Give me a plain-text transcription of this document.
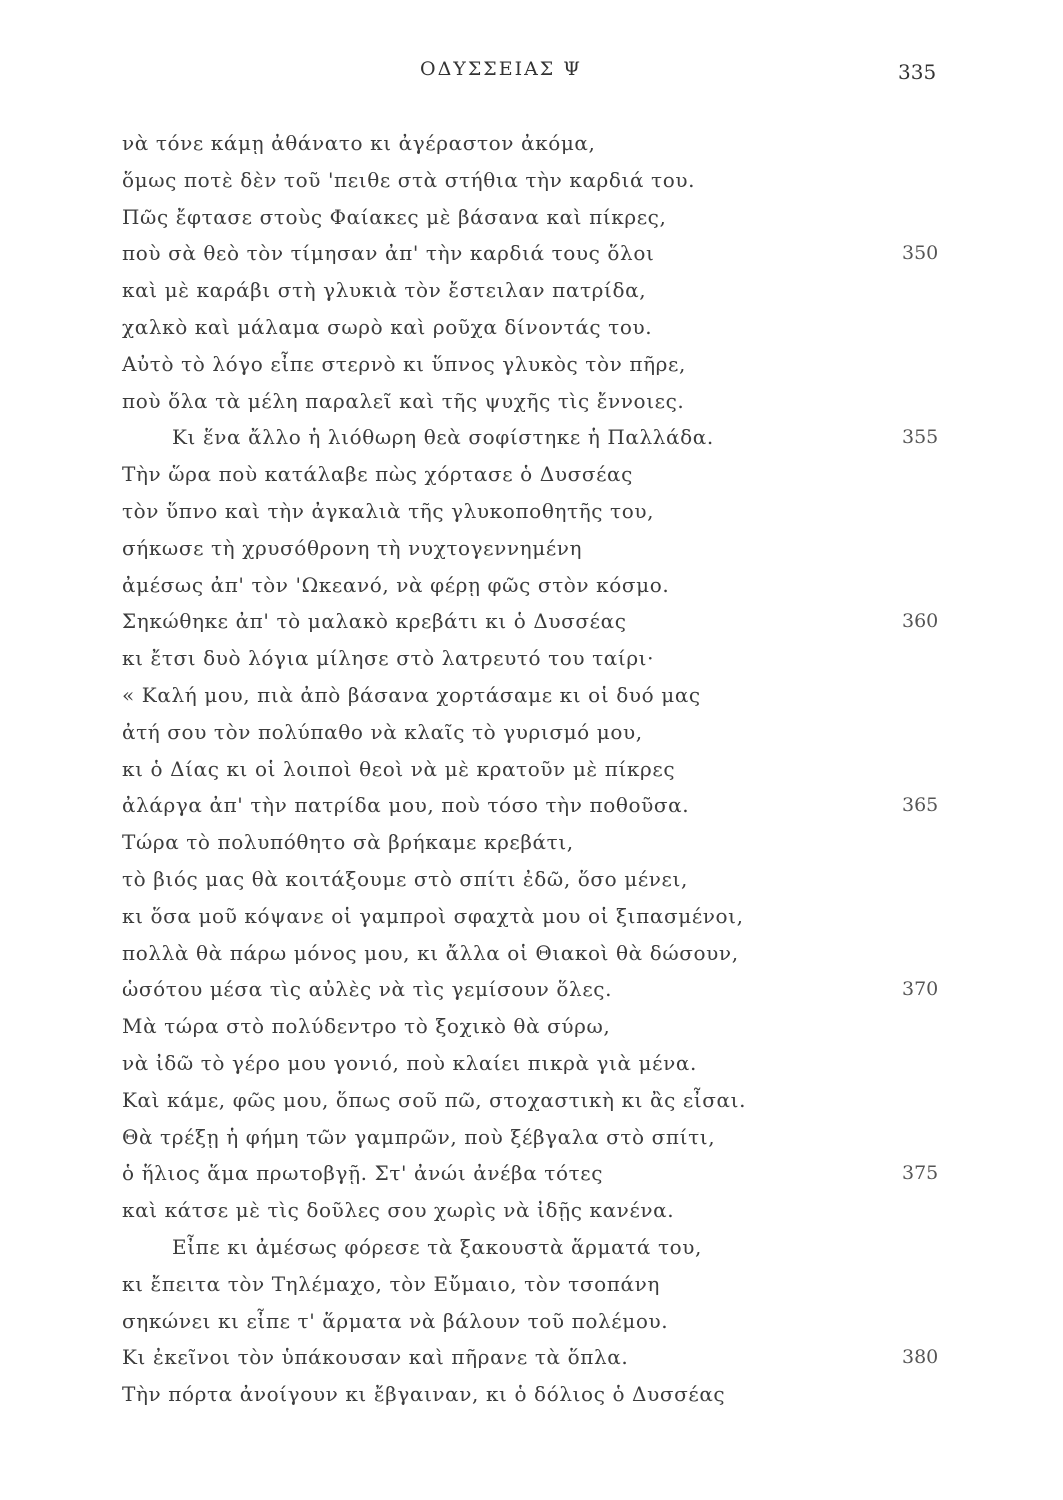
ΟΔΥΣΣΕΙΑΣ Ψ	335
νὰ τόνε κάμῃ ἀθάνατο κι ἀγέραστον ἀκόμα,
ὅμως ποτὲ δὲν τοῦ 'πειθε στὰ στήθια τὴν καρδιά του.
Πῶς ἔφτασε στοὺς Φαίακες μὲ βάσανα καὶ πίκρες,
ποὺ σὰ θεὸ τὸν τίμησαν ἀπ' τὴν καρδιά τους ὅλοι	350
καὶ μὲ καράβι στὴ γλυκιὰ τὸν ἔστειλαν πατρίδα,
χαλκὸ καὶ μάλαμα σωρὸ καὶ ροῦχα δίνοντάς του.
Αὐτὸ τὸ λόγο εἶπε στερνὸ κι ὕπνος γλυκὸς τὸν πῆρε,
ποὺ ὅλα τὰ μέλη παραλεῖ καὶ τῆς ψυχῆς τὶς ἔννοιες.
Κι ἕνα ἄλλο ἡ λιόθωρη θεὰ σοφίστηκε ἡ Παλλάδα.	355
Τὴν ὥρα ποὺ κατάλαβε πὼς χόρτασε ὁ Δυσσέας
τὸν ὕπνο καὶ τὴν ἀγκαλιὰ τῆς γλυκοποθητῆς του,
σήκωσε τὴ χρυσόθρονη τὴ νυχτογεννημένη
ἀμέσως ἀπ' τὸν 'Ωκεανό, νὰ φέρῃ φῶς στὸν κόσμο.
Σηκώθηκε ἀπ' τὸ μαλακὸ κρεβάτι κι ὁ Δυσσέας	360
κι ἔτσι δυὸ λόγια μίλησε στὸ λατρευτό του ταίρι·
« Καλή μου, πιὰ ἀπὸ βάσανα χορτάσαμε κι οἱ δυό μας
ἀτή σου τὸν πολύπαθο νὰ κλαῖς τὸ γυρισμό μου,
κι ὁ Δίας κι οἱ λοιποὶ θεοὶ νὰ μὲ κρατοῦν μὲ πίκρες
ἀλάργα ἀπ' τὴν πατρίδα μου, ποὺ τόσο τὴν ποθοῦσα.	365
Τώρα τὸ πολυπόθητο σὰ βρήκαμε κρεβάτι,
τὸ βιός μας θὰ κοιτάξουμε στὸ σπίτι ἐδῶ, ὅσο μένει,
κι ὅσα μοῦ κόψανε οἱ γαμπροὶ σφαχτὰ μου οἱ ξιπασμένοι,
πολλὰ θὰ πάρω μόνος μου, κι ἄλλα οἱ Θιακοὶ θὰ δώσουν,
ὡσότου μέσα τὶς αὐλὲς νὰ τὶς γεμίσουν ὅλες.	370
Μὰ τώρα στὸ πολύδεντρο τὸ ξοχικὸ θὰ σύρω,
νὰ ἰδῶ τὸ γέρο μου γονιό, ποὺ κλαίει πικρὰ γιὰ μένα.
Καὶ κάμε, φῶς μου, ὅπως σοῦ πῶ, στοχαστικὴ κι ἂς εἶσαι.
Θὰ τρέξῃ ἡ φήμη τῶν γαμπρῶν, ποὺ ξέβγαλα στὸ σπίτι,
ὁ ἥλιος ἅμα πρωτοβγῇ. Στ' ἀνώι ἀνέβα τότες	375
καὶ κάτσε μὲ τὶς δοῦλες σου χωρὶς νὰ ἰδῇς κανένα.
Εἶπε κι ἀμέσως φόρεσε τὰ ξακουστὰ ἅρματά του,
κι ἔπειτα τὸν Τηλέμαχο, τὸν Εὔμαιο, τὸν τσοπάνη
σηκώνει κι εἶπε τ' ἅρματα νὰ βάλουν τοῦ πολέμου.
Κι ἐκεῖνοι τὸν ὑπάκουσαν καὶ πῆρανε τὰ ὅπλα.	380
Τὴν πόρτα ἀνοίγουν κι ἔβγαιναν, κι ὁ δόλιος ὁ Δυσσέας
